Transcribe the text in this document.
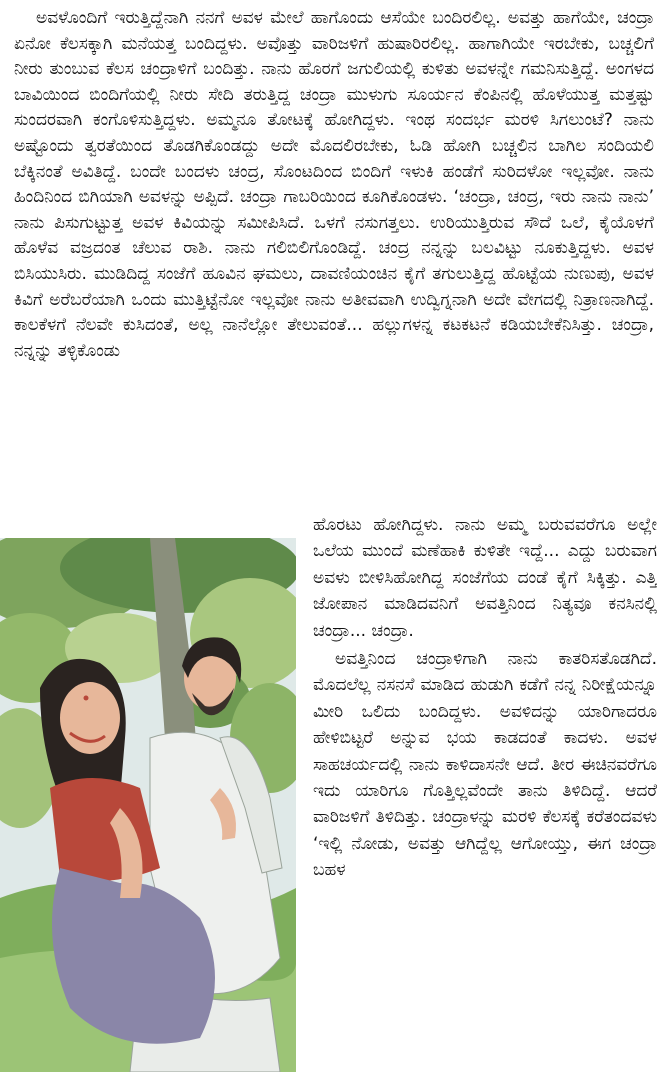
ಅವಳೊಂದಿಗೆ ಇರುತ್ತಿದ್ದೆನಾಗಿ ನನಗೆ ಅವಳ ಮೇಲೆ ಹಾಗೊಂದು ಆಸೆಯೇ ಬಂದಿರಲಿಲ್ಲ. ಅವತ್ತು ಹಾಗೆಯೇ, ಚಂದ್ರಾ ಏನೋ ಕೆಲಸಕ್ಕಾಗಿ ಮನೆಯತ್ತ ಬಂದಿದ್ದಳು. ಅವೊತ್ತು ವಾರಿಜಳಿಗೆ ಹುಷಾರಿರಲಿಲ್ಲ. ಹಾಗಾಗಿಯೇ ಇರಬೇಕು, ಬಚ್ಚಲಿಗೆ ನೀರು ತುಂಬುವ ಕೆಲಸ ಚಂದ್ರಾಳಿಗೆ ಬಂದಿತ್ತು. ನಾನು ಹೊರಗೆ ಜಗುಲಿಯಲ್ಲಿ ಕುಳಿತು ಅವಳನ್ನೇ ಗಮನಿಸುತ್ತಿದ್ದೆ. ಅಂಗಳದ ಬಾವಿಯಿಂದ ಬಿಂದಿಗೆಯಲ್ಲಿ ನೀರು ಸೇದಿ ತರುತ್ತಿದ್ದ ಚಂದ್ರಾ ಮುಳುಗು ಸೂರ್ಯನ ಕೆಂಪಿನಲ್ಲಿ ಹೊಳೆಯುತ್ತ ಮತ್ತಷ್ಟು ಸುಂದರವಾಗಿ ಕಂಗೊಳಿಸುತ್ತಿದ್ದಳು. ಅಮ್ಮನೂ ತೋಟಕ್ಕೆ ಹೋಗಿದ್ದಳು. ಇಂಥ ಸಂದರ್ಭ ಮರಳಿ ಸಿಗಲುಂಟೆ? ನಾನು ಅಷ್ಟೊಂದು ತ್ವರತೆಯಿಂದ ತೊಡಗಿಕೊಂಡದ್ದು ಅದೇ ಮೊದಲಿರಬೇಕು, ಓಡಿ ಹೋಗಿ ಬಚ್ಚಲಿನ ಬಾಗಿಲ ಸಂದಿಯಲಿ ಬೆಕ್ಕಿನಂತೆ ಅವಿತಿದ್ದೆ. ಬಂದೇ ಬಂದಳು ಚಂದ್ರ, ಸೊಂಟದಿಂದ ಬಿಂದಿಗೆ ಇಳುಕಿ ಹಂಡೆಗೆ ಸುರಿದಳೋ ಇಲ್ಲವೋ. ನಾನು ಹಿಂದಿನಿಂದ ಬಿಗಿಯಾಗಿ ಅವಳನ್ನು ಅಪ್ಪಿದೆ. ಚಂದ್ರಾ ಗಾಬರಿಯಿಂದ ಕೂಗಿಕೊಂಡಳು. ‘ಚಂದ್ರಾ, ಚಂದ್ರ, ಇರು ನಾನು ನಾನು’ ನಾನು ಪಿಸುಗುಟ್ಟುತ್ತ ಅವಳ ಕಿವಿಯನ್ನು ಸಮೀಪಿಸಿದೆ. ಒಳಗೆ ನಸುಗತ್ತಲು. ಉರಿಯುತ್ತಿರುವ ಸೌದೆ ಒಲೆ, ಕೈಯೊಳಗೆ ಹೊಳೆವ ವಜ್ರದಂತ ಚೆಲುವ ರಾಶಿ. ನಾನು ಗಲಿಬಿಲಿಗೊಂಡಿದ್ದೆ. ಚಂದ್ರ ನನ್ನನ್ನು ಬಲವಿಟ್ಟು ನೂಕುತ್ತಿದ್ದಳು. ಅವಳ ಬಿಸಿಯುಸಿರು. ಮುಡಿದಿದ್ದ ಸಂಜೆಗೆ ಹೂವಿನ ಘಮಲು, ದಾವಣಿಯಂಚಿನ ಕೈಗೆ ತಗುಲುತ್ತಿದ್ದ ಹೊಟ್ಟೆಯ ನುಣುಪು, ಅವಳ ಕಿವಿಗೆ ಅರೆಬರೆಯಾಗಿ ಒಂದು ಮುತ್ತಿಟ್ಟೆನೋ ಇಲ್ಲವೋ ನಾನು ಅತೀವವಾಗಿ ಉದ್ವಿಗ್ನನಾಗಿ ಅದೇ ವೇಗದಲ್ಲಿ ನಿತ್ರಾಣನಾಗಿದ್ದೆ. ಕಾಲಕೆಳಗೆ ನೆಲವೇ ಕುಸಿದಂತೆ, ಅಲ್ಲ ನಾನೆಲ್ಲೋ ತೇಲುವಂತೆ... ಹಲ್ಲುಗಳನ್ನ ಕಟಕಟನೆ ಕಡಿಯಬೇಕೆನಿಸಿತ್ತು. ಚಂದ್ರಾ, ನನ್ನನ್ನು ತಳ್ಳಿಕೊಂಡು

ಹೊರಟು ಹೋಗಿದ್ದಳು. ನಾನು ಅಮ್ಮ ಬರುವವರೆಗೂ ಅಲ್ಲೇ ಒಲೆಯ ಮುಂದೆ ಮಣೆಹಾಕಿ ಕುಳಿತೇ ಇದ್ದೆ... ಎದ್ದು ಬರುವಾಗ ಅವಳು ಬೀಳಿಸಿಹೋಗಿದ್ದ ಸಂಜೆಗೆಯ ದಂಡೆ ಕೈಗೆ ಸಿಕ್ಕಿತ್ತು. ಎತ್ತಿ ಜೋಪಾನ ಮಾಡಿದವನಿಗೆ ಅವತ್ತಿನಿಂದ ನಿತ್ಯವೂ ಕನಸಿನಲ್ಲಿ ಚಂದ್ರಾ... ಚಂದ್ರಾ.

ಅವತ್ತಿನಿಂದ ಚಂದ್ರಾಳಿಗಾಗಿ ನಾನು ಕಾತರಿಸತೊಡಗಿದೆ. ಮೊದಲೆಲ್ಲ ನಸನಸೆ ಮಾಡಿದ ಹುಡುಗಿ ಕಡೆಗೆ ನನ್ನ ನಿರೀಕ್ಷೆಯನ್ನೂ ಮೀರಿ ಒಲಿದು ಬಂದಿದ್ದಳು. ಅವಳಿದನ್ನು ಯಾರಿಗಾದರೂ ಹೇಳಿಬಿಟ್ಟರೆ ಅನ್ನುವ ಭಯ ಕಾಡದಂತೆ ಕಾದಳು. ಅವಳ ಸಾಹಚರ್ಯದಲ್ಲಿ ನಾನು ಕಾಳಿದಾಸನೇ ಆದೆ. ತೀರ ಈಚಿನವರೆಗೂ ಇದು ಯಾರಿಗೂ ಗೊತ್ತಿಲ್ಲವೆಂದೇ ತಾನು ತಿಳಿದಿದ್ದೆ. ಆದರೆ ವಾರಿಜಳಿಗೆ ತಿಳಿದಿತ್ತು. ಚಂದ್ರಾಳನ್ನು ಮರಳಿ ಕೆಲಸಕ್ಕೆ ಕರೆತಂದವಳು ‘ಇಲ್ಲಿ ನೋಡು, ಅವತ್ತು ಆಗಿದ್ದೆಲ್ಲ ಆಗೋಯ್ತು, ಈಗ ಚಂದ್ರಾ ಬಹಳ
